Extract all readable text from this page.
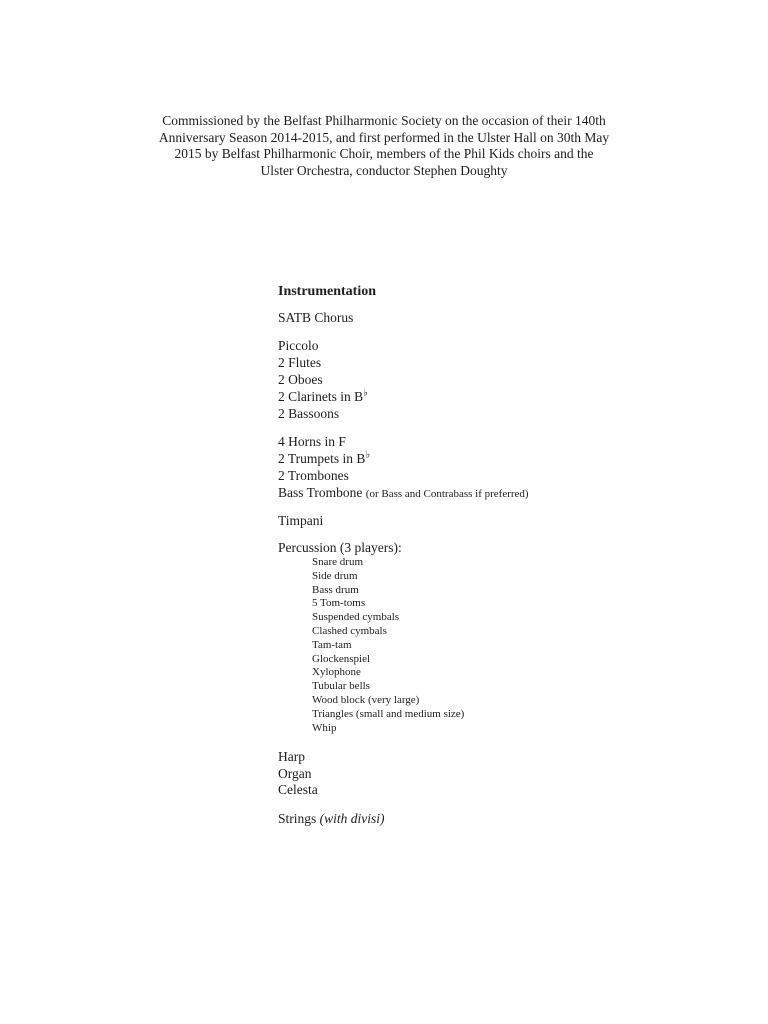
Commissioned by the Belfast Philharmonic Society on the occasion of their 140th
Anniversary Season 2014-2015, and first performed in the Ulster Hall on 30th May
2015 by Belfast Philharmonic Choir, members of the Phil Kids choirs and the
Ulster Orchestra, conductor Stephen Doughty
Instrumentation
SATB Chorus
Piccolo
2 Flutes
2 Oboes
2 Clarinets in B♭
2 Bassoons
4 Horns in F
2 Trumpets in B♭
2 Trombones
Bass Trombone (or Bass and Contrabass if preferred)
Timpani
Percussion (3 players):
Snare drum
Side drum
Bass drum
5 Tom-toms
Suspended cymbals
Clashed cymbals
Tam-tam
Glockenspiel
Xylophone
Tubular bells
Wood block (very large)
Triangles (small and medium size)
Whip
Harp
Organ
Celesta
Strings (with divisi)
